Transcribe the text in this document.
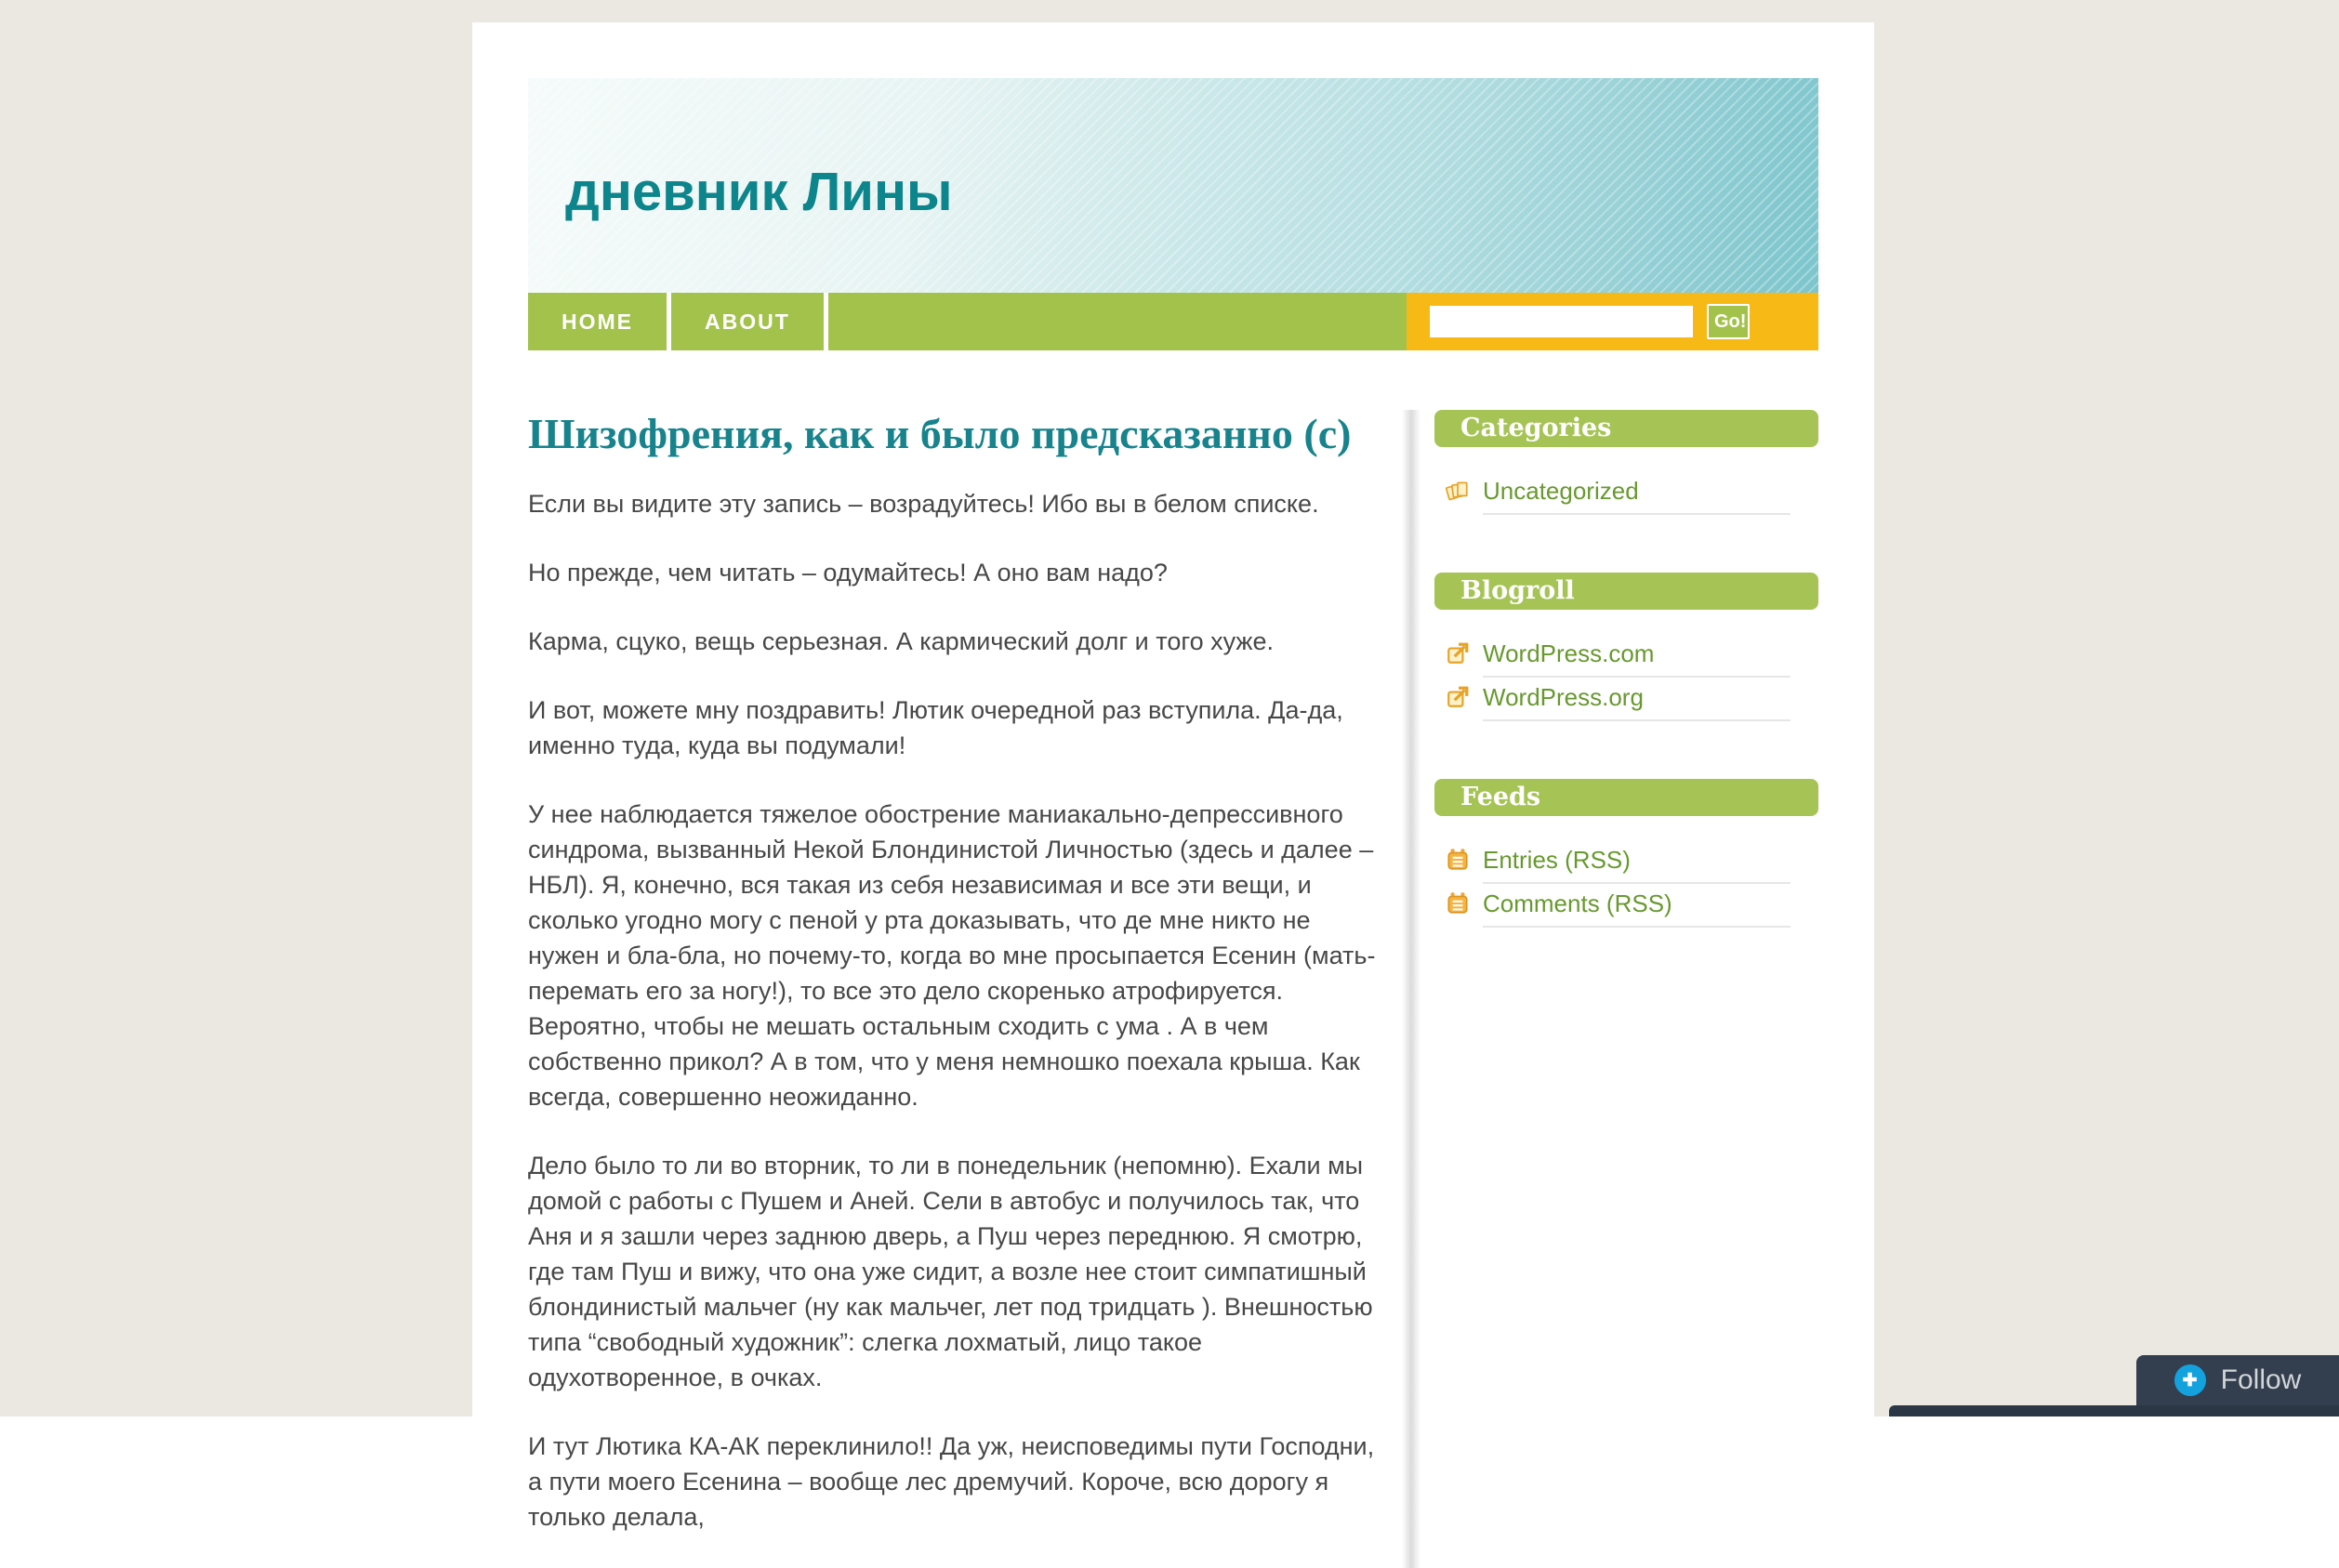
дневник Лины
HOME	ABOUT	Go!
Шизофрения, как и было предсказанно (с)

Если вы видите эту запись – возрадуйтесь! Ибо вы в белом списке.

Но прежде, чем читать – одумайтесь! А оно вам надо?

Карма, сцуко, вещь серьезная. А кармический долг и того хуже.

И вот, можете мну поздравить! Лютик очередной раз вступила. Да-да, именно туда, куда вы подумали!

У нее наблюдается тяжелое обострение маниакально-депрессивного синдрома, вызванный Некой Блондинистой Личностью (здесь и далее – НБЛ). Я, конечно, вся такая из себя независимая и все эти вещи, и сколько угодно могу с пеной у рта доказывать, что де мне никто не нужен и бла-бла, но почему-то, когда во мне просыпается Есенин (мать-перемать его за ногу!), то все это дело скоренько атрофируется. Вероятно, чтобы не мешать остальным сходить с ума . А в чем собственно прикол? А в том, что у меня немношко поехала крыша. Как всегда, совершенно неожиданно.

Дело было то ли во вторник, то ли в понедельник (непомню). Ехали мы домой с работы с Пушем и Аней. Сели в автобус и получилось так, что Аня и я зашли через заднюю дверь, а Пуш через переднюю. Я смотрю, где там Пуш и вижу, что она уже сидит, а возле нее стоит симпатишный блондинистый мальчег (ну как мальчег, лет под тридцать ). Внешностью типа “свободный художник”: слегка лохматый, лицо такое одухотворенное, в очках.

И тут Лютика КА-АК переклинило!! Да уж, неисповедимы пути Господни, а пути моего Есенина – вообще лес дремучий. Короче, всю дорогу я только делала,

Categories
Uncategorized
Blogroll
WordPress.com
WordPress.org
Feeds
Entries (RSS)
Comments (RSS)
✚ Follow
